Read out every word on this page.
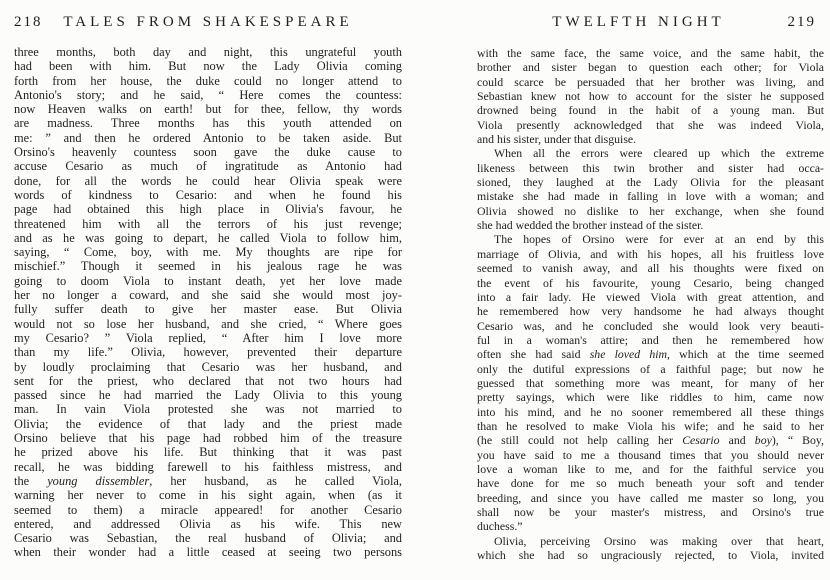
218	TALES FROM SHAKESPEARE
three months, both day and night, this ungrateful youth
had been with him. But now the Lady Olivia coming
forth from her house, the duke could no longer attend to
Antonio's story; and he said, “ Here comes the countess:
now Heaven walks on earth! but for thee, fellow, thy words
are madness. Three months has this youth attended on
me: ” and then he ordered Antonio to be taken aside. But
Orsino's heavenly countess soon gave the duke cause to
accuse Cesario as much of ingratitude as Antonio had
done, for all the words he could hear Olivia speak were
words of kindness to Cesario: and when he found his
page had obtained this high place in Olivia's favour, he
threatened him with all the terrors of his just revenge;
and as he was going to depart, he called Viola to follow him,
saying, “ Come, boy, with me. My thoughts are ripe for
mischief.” Though it seemed in his jealous rage he was
going to doom Viola to instant death, yet her love made
her no longer a coward, and she said she would most joy-
fully suffer death to give her master ease. But Olivia
would not so lose her husband, and she cried, “ Where goes
my Cesario? ” Viola replied, “ After him I love more
than my life.” Olivia, however, prevented their departure
by loudly proclaiming that Cesario was her husband, and
sent for the priest, who declared that not two hours had
passed since he had married the Lady Olivia to this young
man. In vain Viola protested she was not married to
Olivia; the evidence of that lady and the priest made
Orsino believe that his page had robbed him of the treasure
he prized above his life. But thinking that it was past
recall, he was bidding farewell to his faithless mistress, and
the young dissembler, her husband, as he called Viola,
warning her never to come in his sight again, when (as it
seemed to them) a miracle appeared! for another Cesario
entered, and addressed Olivia as his wife. This new
Cesario was Sebastian, the real husband of Olivia; and
when their wonder had a little ceased at seeing two persons
TWELFTH NIGHT	219
with the same face, the same voice, and the same habit, the
brother and sister began to question each other; for Viola
could scarce be persuaded that her brother was living, and
Sebastian knew not how to account for the sister he supposed
drowned being found in the habit of a young man. But
Viola presently acknowledged that she was indeed Viola,
and his sister, under that disguise.
When all the errors were cleared up which the extreme
likeness between this twin brother and sister had occa-
sioned, they laughed at the Lady Olivia for the pleasant
mistake she had made in falling in love with a woman; and
Olivia showed no dislike to her exchange, when she found
she had wedded the brother instead of the sister.
The hopes of Orsino were for ever at an end by this
marriage of Olivia, and with his hopes, all his fruitless love
seemed to vanish away, and all his thoughts were fixed on
the event of his favourite, young Cesario, being changed
into a fair lady. He viewed Viola with great attention, and
he remembered how very handsome he had always thought
Cesario was, and he concluded she would look very beauti-
ful in a woman's attire; and then he remembered how
often she had said she loved him, which at the time seemed
only the dutiful expressions of a faithful page; but now he
guessed that something more was meant, for many of her
pretty sayings, which were like riddles to him, came now
into his mind, and he no sooner remembered all these things
than he resolved to make Viola his wife; and he said to her
(he still could not help calling her Cesario and boy), “ Boy,
you have said to me a thousand times that you should never
love a woman like to me, and for the faithful service you
have done for me so much beneath your soft and tender
breeding, and since you have called me master so long, you
shall now be your master's mistress, and Orsino's true
duchess.”
Olivia, perceiving Orsino was making over that heart,
which she had so ungraciously rejected, to Viola, invited
